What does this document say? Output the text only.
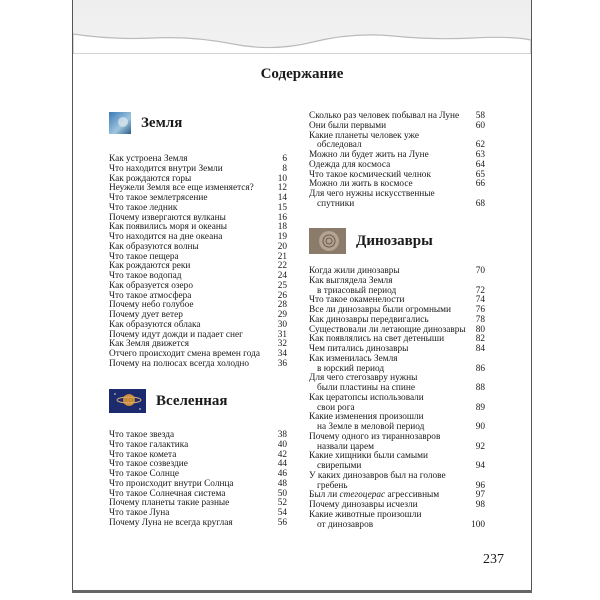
Содержание
Земля
Как устроена Земля	6
Что находится внутри Земли	8
Как рождаются горы	10
Неужели Земля все еще изменяется?	12
Что такое землетрясение	14
Что такое ледник	15
Почему извергаются вулканы	16
Как появились моря и океаны	18
Что находится на дне океана	19
Как образуются волны	20
Что такое пещера	21
Как рождаются реки	22
Что такое водопад	24
Как образуется озеро	25
Что такое атмосфера	26
Почему небо голубое	28
Почему дует ветер	29
Как образуются облака	30
Почему идут дожди и падает снег	31
Как Земля движется	32
Отчего происходит смена времен года	34
Почему на полюсах всегда холодно	36
Вселенная
Что такое звезда	38
Что такое галактика	40
Что такое комета	42
Что такое созвездие	44
Что такое Солнце	46
Что происходит внутри Солнца	48
Что такое Солнечная система	50
Почему планеты такие разные	52
Что такое Луна	54
Почему Луна не всегда круглая	56
Сколько раз человек побывал на Луне	58
Они были первыми	60
Какие планеты человек уже
обследовал	62
Можно ли будет жить на Луне	63
Одежда для космоса	64
Что такое космический челнок	65
Можно ли жить в космосе	66
Для чего нужны искусственные
спутники	68
Динозавры
Когда жили динозавры	70
Как выглядела Земля
в триасовый период	72
Что такое окаменелости	74
Все ли динозавры были огромными	76
Как динозавры передвигались	78
Существовали ли летающие динозавры	80
Как появлялись на свет детеныши	82
Чем питались динозавры	84
Как изменилась Земля
в юрский период	86
Для чего стегозавру нужны
были пластины на спине	88
Как цератопсы использовали
свои рога	89
Какие изменения произошли
на Земле в меловой период	90
Почему одного из тираннозавров
назвали царем	92
Какие хищники были самыми
свирепыми	94
У каких динозавров был на голове
гребень	96
Был ли стегоцерас агрессивным	97
Почему динозавры исчезли	98
Какие животные произошли
от динозавров	100
237
